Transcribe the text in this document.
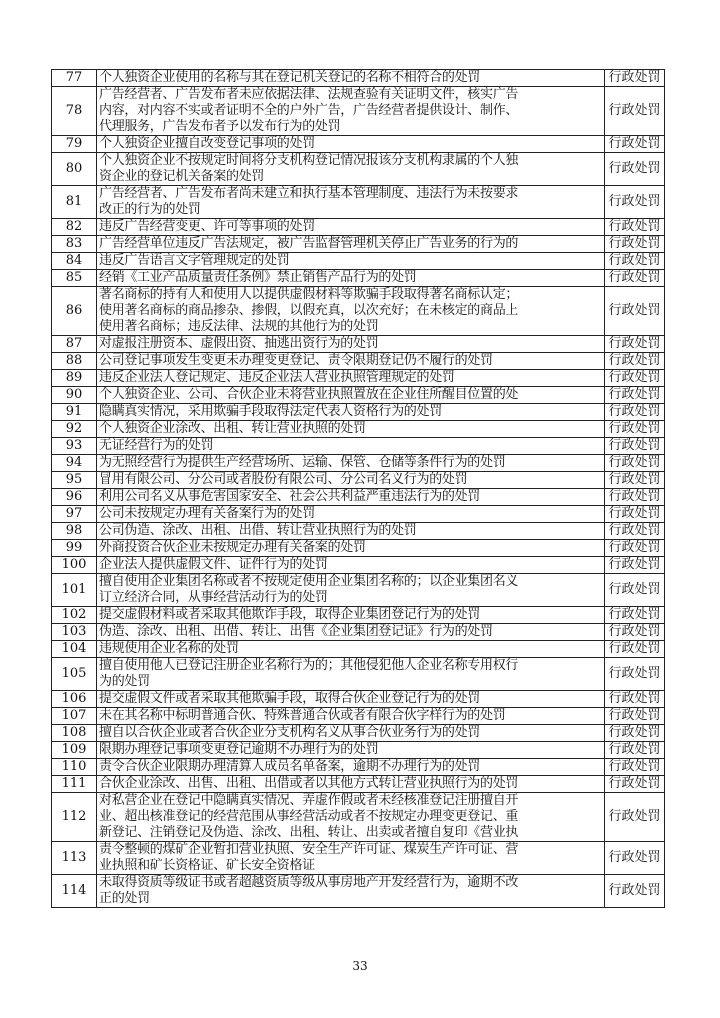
77	个人独资企业使用的名称与其在登记机关登记的名称不相符合的处罚	行政处罚
78	广告经营者、广告发布者未应依据法律、法规查验有关证明文件，核实广告
内容，对内容不实或者证明不全的户外广告，广告经营者提供设计、制作、
代理服务，广告发布者予以发布行为的处罚	行政处罚
79	个人独资企业擅自改变登记事项的处罚	行政处罚
80	个人独资企业不按规定时间将分支机构登记情况报该分支机构隶属的个人独
资企业的登记机关备案的处罚	行政处罚
81	广告经营者、广告发布者尚未建立和执行基本管理制度、违法行为未按要求
改正的行为的处罚	行政处罚
82	违反广告经营变更、许可等事项的处罚	行政处罚
83	广告经营单位违反广告法规定，被广告监督管理机关停止广告业务的行为的	行政处罚
84	违反广告语言文字管理规定的处罚	行政处罚
85	经销《工业产品质量责任条例》禁止销售产品行为的处罚	行政处罚
86	著名商标的持有人和使用人以提供虚假材料等欺骗手段取得著名商标认定；
使用著名商标的商品掺杂、掺假，以假充真，以次充好；在未核定的商品上
使用著名商标；违反法律、法规的其他行为的处罚	行政处罚
87	对虚报注册资本、虚假出资、抽逃出资行为的处罚	行政处罚
88	公司登记事项发生变更未办理变更登记、责令限期登记仍不履行的处罚	行政处罚
89	违反企业法人登记规定、违反企业法人营业执照管理规定的处罚	行政处罚
90	个人独资企业、公司、合伙企业未将营业执照置放在企业住所醒目位置的处	行政处罚
91	隐瞒真实情况，采用欺骗手段取得法定代表人资格行为的处罚	行政处罚
92	个人独资企业涂改、出租、转让营业执照的处罚	行政处罚
93	无证经营行为的处罚	行政处罚
94	为无照经营行为提供生产经营场所、运输、保管、仓储等条件行为的处罚	行政处罚
95	冒用有限公司、分公司或者股份有限公司、分公司名义行为的处罚	行政处罚
96	利用公司名义从事危害国家安全、社会公共利益严重违法行为的处罚	行政处罚
97	公司未按规定办理有关备案行为的处罚	行政处罚
98	公司伪造、涂改、出租、出借、转让营业执照行为的处罚	行政处罚
99	外商投资合伙企业未按规定办理有关备案的处罚	行政处罚
100	企业法人提供虚假文件、证件行为的处罚	行政处罚
101	擅自使用企业集团名称或者不按规定使用企业集团名称的；以企业集团名义
订立经济合同，从事经营活动行为的处罚	行政处罚
102	提交虚假材料或者采取其他欺诈手段，取得企业集团登记行为的处罚	行政处罚
103	伪造、涂改、出租、出借、转让、出售《企业集团登记证》行为的处罚	行政处罚
104	违规使用企业名称的处罚	行政处罚
105	擅自使用他人已登记注册企业名称行为的；其他侵犯他人企业名称专用权行
为的处罚	行政处罚
106	提交虚假文件或者采取其他欺骗手段，取得合伙企业登记行为的处罚	行政处罚
107	未在其名称中标明普通合伙、特殊普通合伙或者有限合伙字样行为的处罚	行政处罚
108	擅自以合伙企业或者合伙企业分支机构名义从事合伙业务行为的处罚	行政处罚
109	限期办理登记事项变更登记逾期不办理行为的处罚	行政处罚
110	责令合伙企业限期办理清算人成员名单备案，逾期不办理行为的处罚	行政处罚
111	合伙企业涂改、出售、出租、出借或者以其他方式转让营业执照行为的处罚	行政处罚
112	对私营企业在登记中隐瞒真实情况、弄虚作假或者未经核准登记注册擅自开
业、超出核准登记的经营范围从事经营活动或者不按规定办理变更登记、重
新登记、注销登记及伪造、涂改、出租、转让、出卖或者擅自复印《营业执	行政处罚
113	责令整顿的煤矿企业暂扣营业执照、安全生产许可证、煤炭生产许可证、营
业执照和矿长资格证、矿长安全资格证	行政处罚
114	未取得资质等级证书或者超越资质等级从事房地产开发经营行为，逾期不改
正的处罚	行政处罚
33
